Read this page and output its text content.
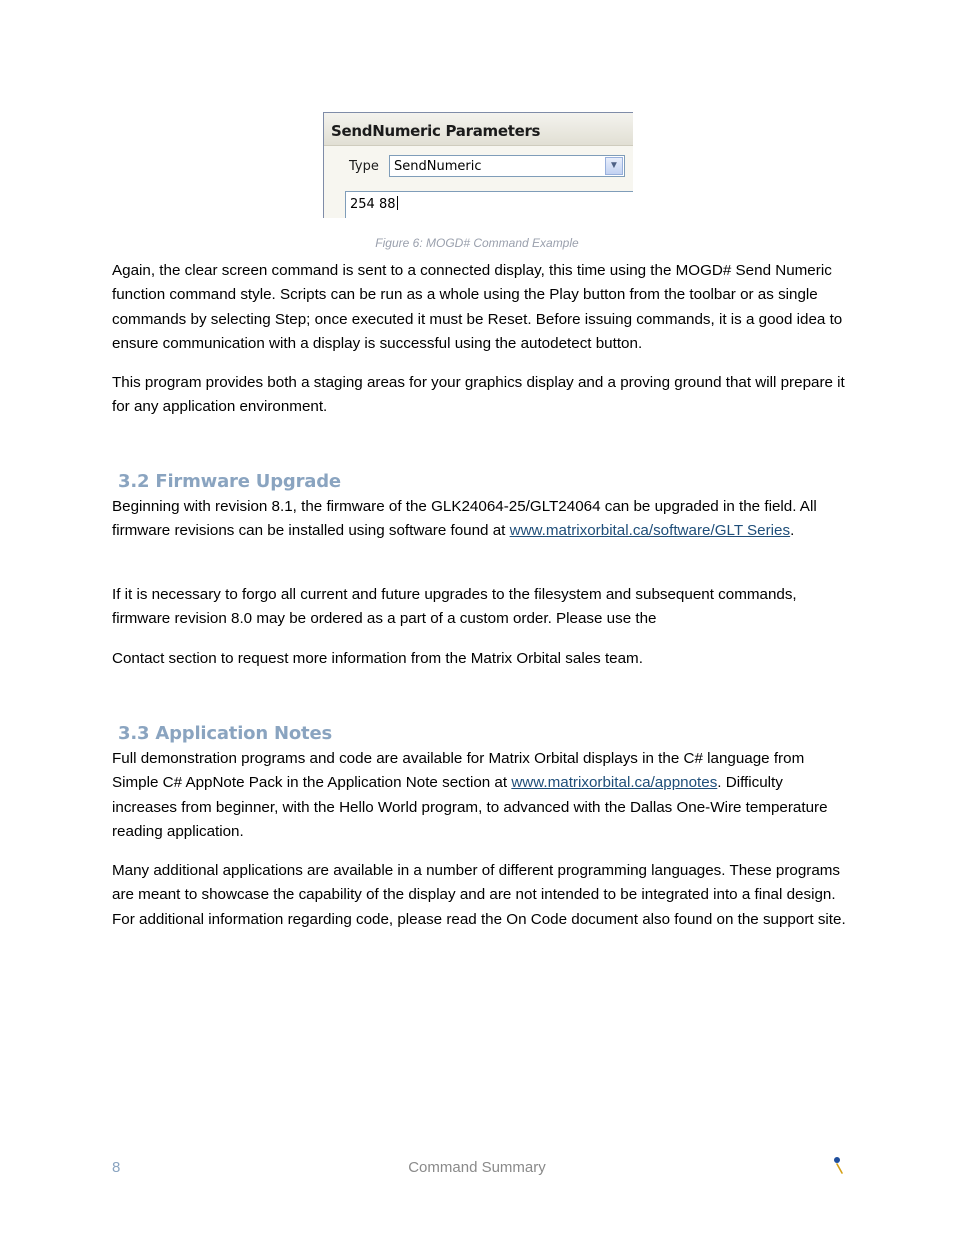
SendNumeric Parameters
Type SendNumeric	▼
254 88
Figure 6: MOGD# Command Example

Again, the clear screen command is sent to a connected display, this time using the MOGD# Send Numeric function command style. Scripts can be run as a whole using the Play button from the toolbar or as single commands by selecting Step; once executed it must be Reset. Before issuing commands, it is a good idea to ensure communication with a display is successful using the autodetect button.

This program provides both a staging areas for your graphics display and a proving ground that will prepare it for any application environment.

3.2 Firmware Upgrade

Beginning with revision 8.1, the firmware of the GLK24064-25/GLT24064 can be upgraded in the field. All firmware revisions can be installed using software found at www.matrixorbital.ca/software/GLT Series.

If it is necessary to forgo all current and future upgrades to the filesystem and subsequent commands, firmware revision 8.0 may be ordered as a part of a custom order. Please use the

Contact section to request more information from the Matrix Orbital sales team.

3.3 Application Notes

Full demonstration programs and code are available for Matrix Orbital displays in the C# language from Simple C# AppNote Pack in the Application Note section at www.matrixorbital.ca/appnotes. Difficulty increases from beginner, with the Hello World program, to advanced with the Dallas One-Wire temperature reading application.

Many additional applications are available in a number of different programming languages. These programs are meant to showcase the capability of the display and are not intended to be integrated into a final design. For additional information regarding code, please read the On Code document also found on the support site.

8	Command Summary
